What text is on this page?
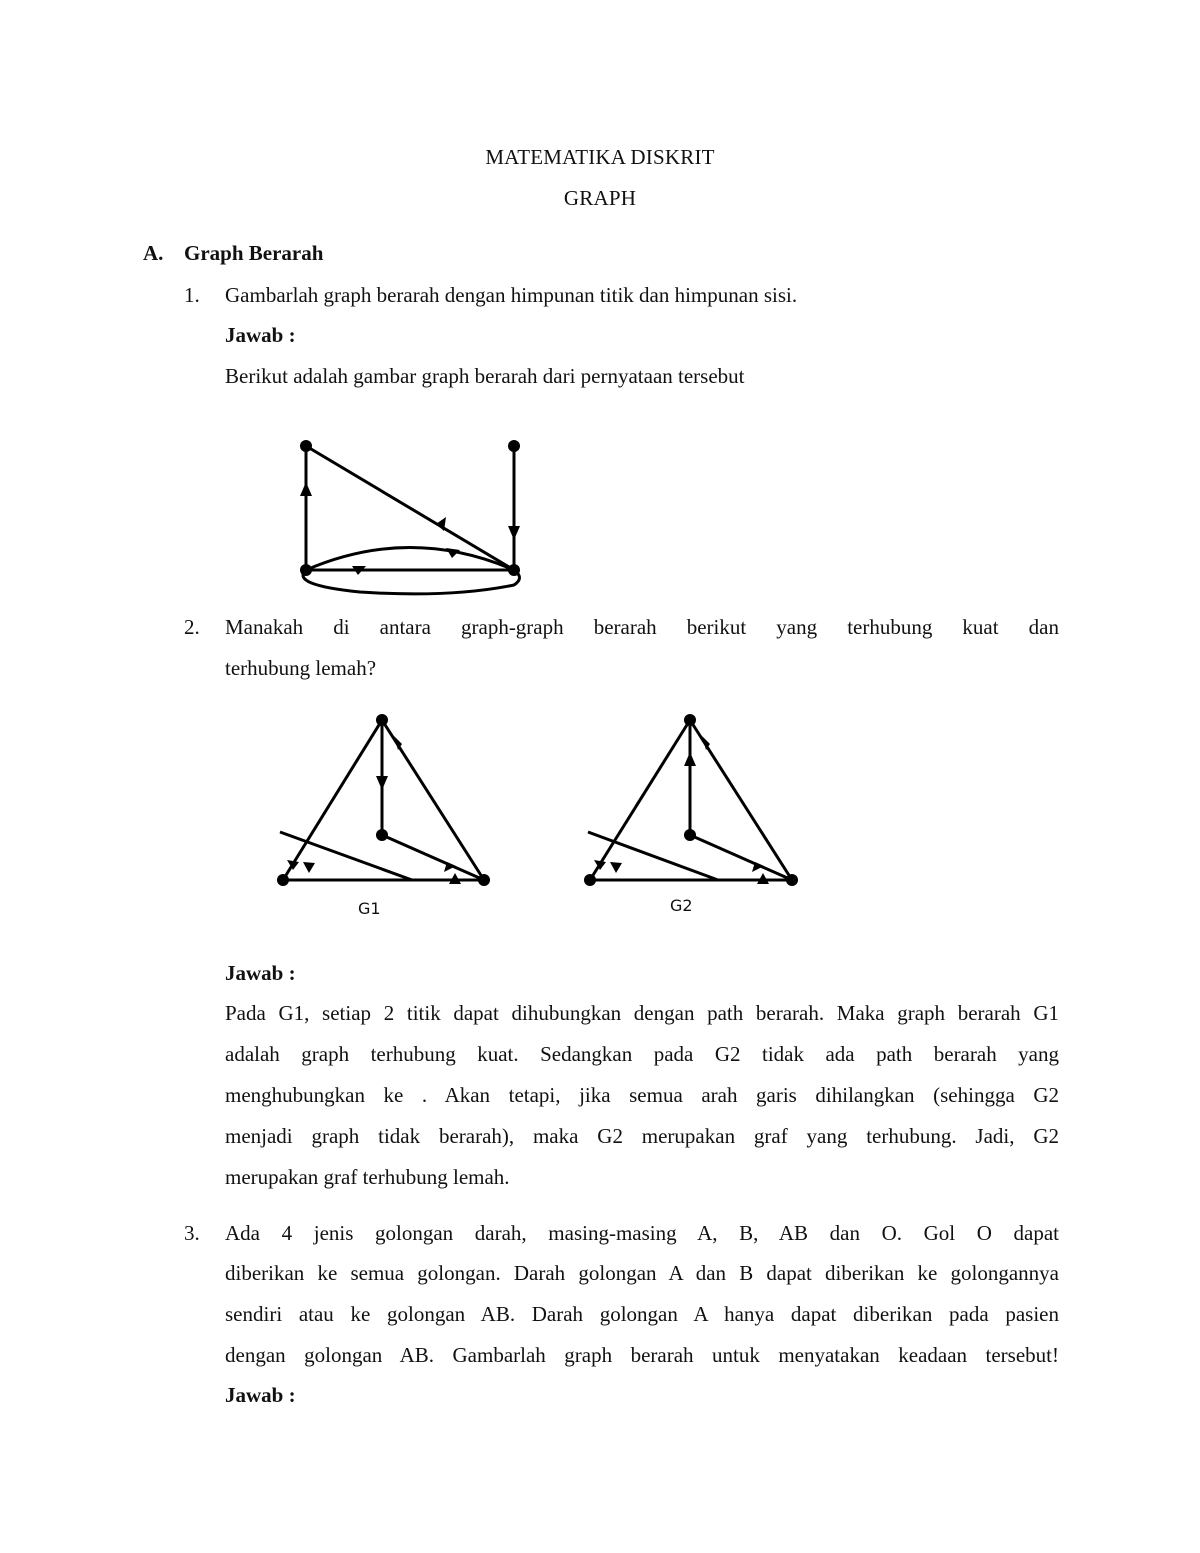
MATEMATIKA DISKRIT
GRAPH
A. Graph Berarah
1. Gambarlah graph berarah dengan himpunan titik dan himpunan sisi.
Jawab :
Berikut adalah gambar graph berarah dari pernyataan tersebut
2. Manakah di antara graph-graph berarah berikut yang terhubung kuat dan
terhubung lemah?
G1	G2
Jawab :
Pada G1, setiap 2 titik dapat dihubungkan dengan path berarah. Maka graph berarah G1
adalah graph terhubung kuat. Sedangkan pada G2 tidak ada path berarah yang
menghubungkan ke . Akan tetapi, jika semua arah garis dihilangkan (sehingga G2
menjadi graph tidak berarah), maka G2 merupakan graf yang terhubung. Jadi, G2
merupakan graf terhubung lemah.
3. Ada 4 jenis golongan darah, masing-masing A, B, AB dan O. Gol O dapat
diberikan ke semua golongan. Darah golongan A dan B dapat diberikan ke golongannya
sendiri atau ke golongan AB. Darah golongan A hanya dapat diberikan pada pasien
dengan golongan AB. Gambarlah graph berarah untuk menyatakan keadaan tersebut!
Jawab :
